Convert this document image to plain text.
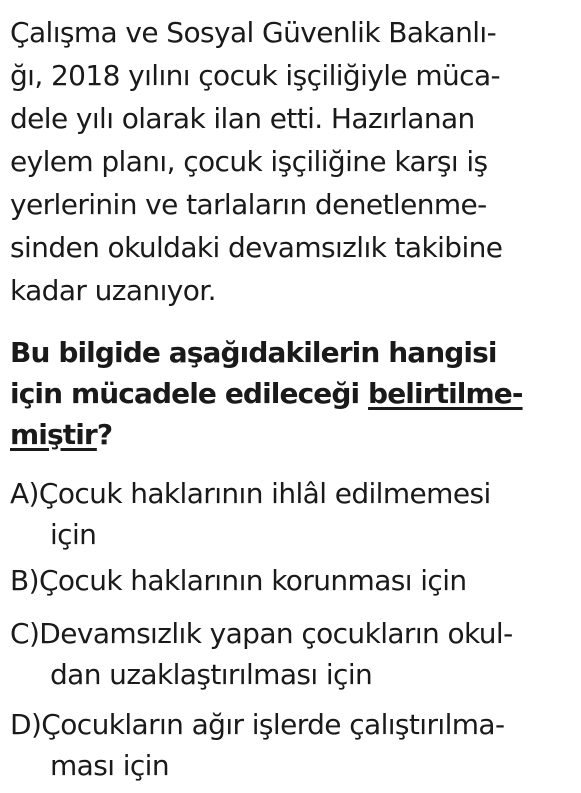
Çalışma ve Sosyal Güvenlik Bakanlı-
ğı, 2018 yılını çocuk işçiliğiyle müca-
dele yılı olarak ilan etti. Hazırlanan
eylem planı, çocuk işçiliğine karşı iş
yerlerinin ve tarlaların denetlenme-
sinden okuldaki devamsızlık takibine
kadar uzanıyor.
Bu bilgide aşağıdakilerin hangisi
için mücadele edileceği belirtilme-
miştir?
A)Çocuk haklarının ihlâl edilmemesi
için
B)Çocuk haklarının korunması için
C)Devamsızlık yapan çocukların okul-
dan uzaklaştırılması için
D)Çocukların ağır işlerde çalıştırılma-
ması için
